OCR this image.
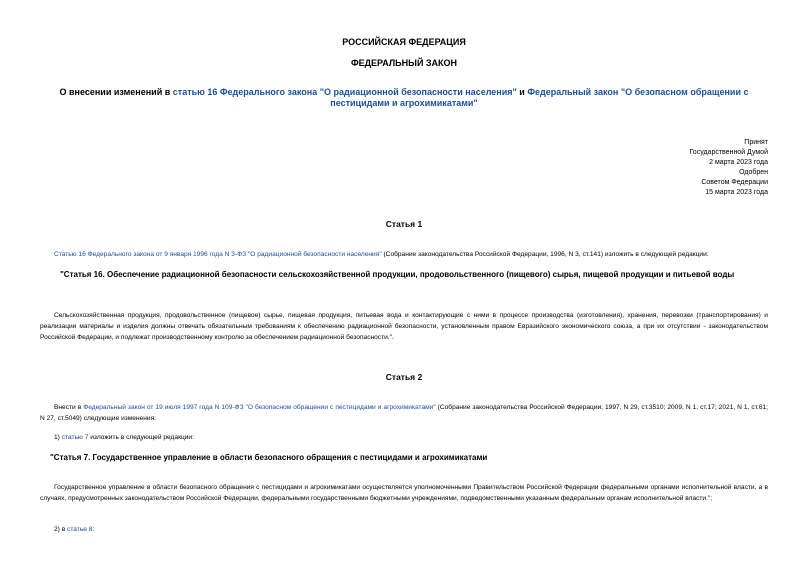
РОССИЙСКАЯ ФЕДЕРАЦИЯ
ФЕДЕРАЛЬНЫЙ ЗАКОН
О внесении изменений в статью 16 Федерального закона "О радиационной безопасности населения" и Федеральный закон "О безопасном обращении с пестицидами и агрохимикатами"
Принят
Государственной Думой
2 марта 2023 года
Одобрен
Советом Федерации
15 марта 2023 года
Статья 1
Статью 16 Федерального закона от 9 января 1996 года N 3-ФЗ "О радиационной безопасности населения" (Собрание законодательства Российской Федерации, 1996, N 3, ст.141) изложить в следующей редакции:
"Статья 16. Обеспечение радиационной безопасности сельскохозяйственной продукции, продовольственного (пищевого) сырья, пищевой продукции и питьевой воды
Сельскохозяйственная продукция, продовольственное (пищевое) сырье, пищевая продукция, питьевая вода и контактирующие с ними в процессе производства (изготовления), хранения, перевозки (транспортирования) и реализации материалы и изделия должны отвечать обязательным требованиям к обеспечению радиационной безопасности, установленным правом Евразийского экономического союза, а при их отсутствии - законодательством Российской Федерации, и подлежат производственному контролю за обеспечением радиационной безопасности.".
Статья 2
Внести в Федеральный закон от 19 июля 1997 года N 109-ФЗ "О безопасном обращении с пестицидами и агрохимикатами" (Собрание законодательства Российской Федерации, 1997, N 29, ст.3510; 2009, N 1, ст.17; 2021, N 1, ст.61; N 27, ст.5049) следующие изменения:
1) статью 7 изложить в следующей редакции:
"Статья 7. Государственное управление в области безопасного обращения с пестицидами и агрохимикатами
Государственное управление в области безопасного обращения с пестицидами и агрохимикатами осуществляется уполномоченными Правительством Российской Федерации федеральными органами исполнительной власти, а в случаях, предусмотренных законодательством Российской Федерации, федеральными государственными бюджетными учреждениями, подведомственными указанным федеральным органам исполнительной власти.";
2) в статье 8:
